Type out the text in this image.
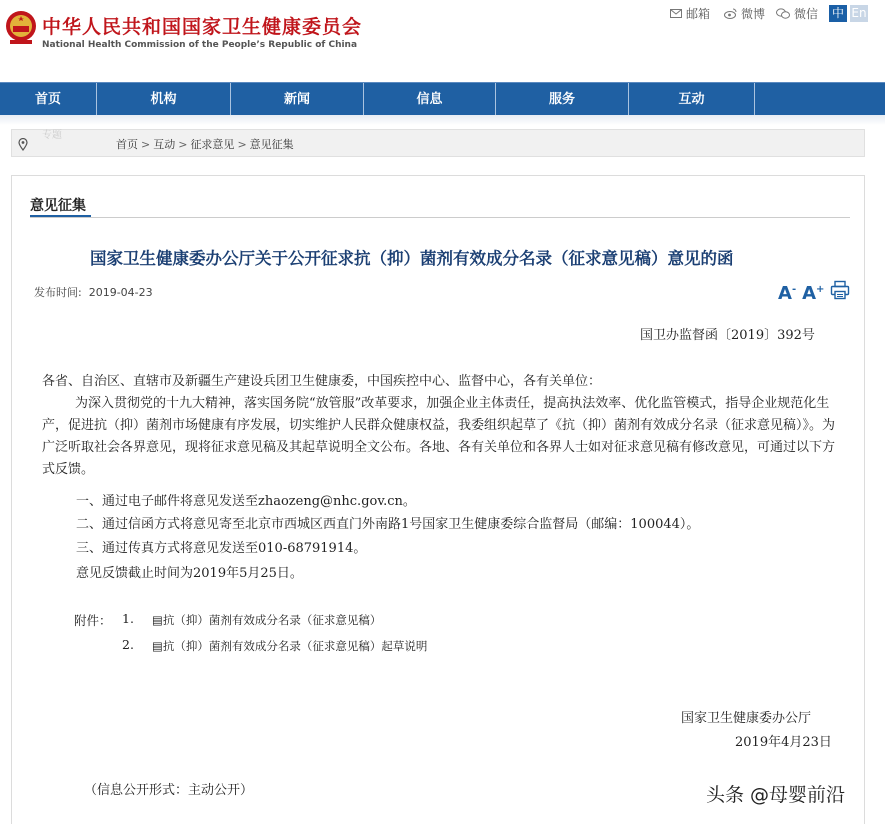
中华人民共和国国家卫生健康委员会
National Health Commission of the People’s Republic of China
邮箱	微博 微信 中 En
首页	机构	新闻	信息	服务	互动
专题
首页 > 互动 > 征求意见 > 意见征集
意见征集
国家卫生健康委办公厅关于公开征求抗（抑）菌剂有效成分名录（征求意见稿）意见的函
发布时间: 2019-04-23	A- A+
国卫办监督函〔2019〕392号
各省、自治区、直辖市及新疆生产建设兵团卫生健康委，中国疾控中心、监督中心，各有关单位：
为深入贯彻党的十九大精神，落实国务院“放管服”改革要求，加强企业主体责任，提高执法效率、优化监管模式，指导企业规范化生产，促进抗（抑）菌剂市场健康有序发展，切实维护人民群众健康权益，我委组织起草了《抗（抑）菌剂有效成分名录（征求意见稿）》。为广泛听取社会各界意见，现将征求意见稿及其起草说明全文公布。各地、各有关单位和各界人士如对征求意见稿有修改意见，可通过以下方式反馈。
一、通过电子邮件将意见发送至zhaozeng@nhc.gov.cn。
二、通过信函方式将意见寄至北京市西城区西直门外南路1号国家卫生健康委综合监督局（邮编：100044）。
三、通过传真方式将意见发送至010-68791914。
意见反馈截止时间为2019年5月25日。
附件： 1. ▤抗（抑）菌剂有效成分名录（征求意见稿）
2. ▤抗（抑）菌剂有效成分名录（征求意见稿）起草说明
国家卫生健康委办公厅
2019年4月23日
（信息公开形式：主动公开）	头条 @母婴前沿
